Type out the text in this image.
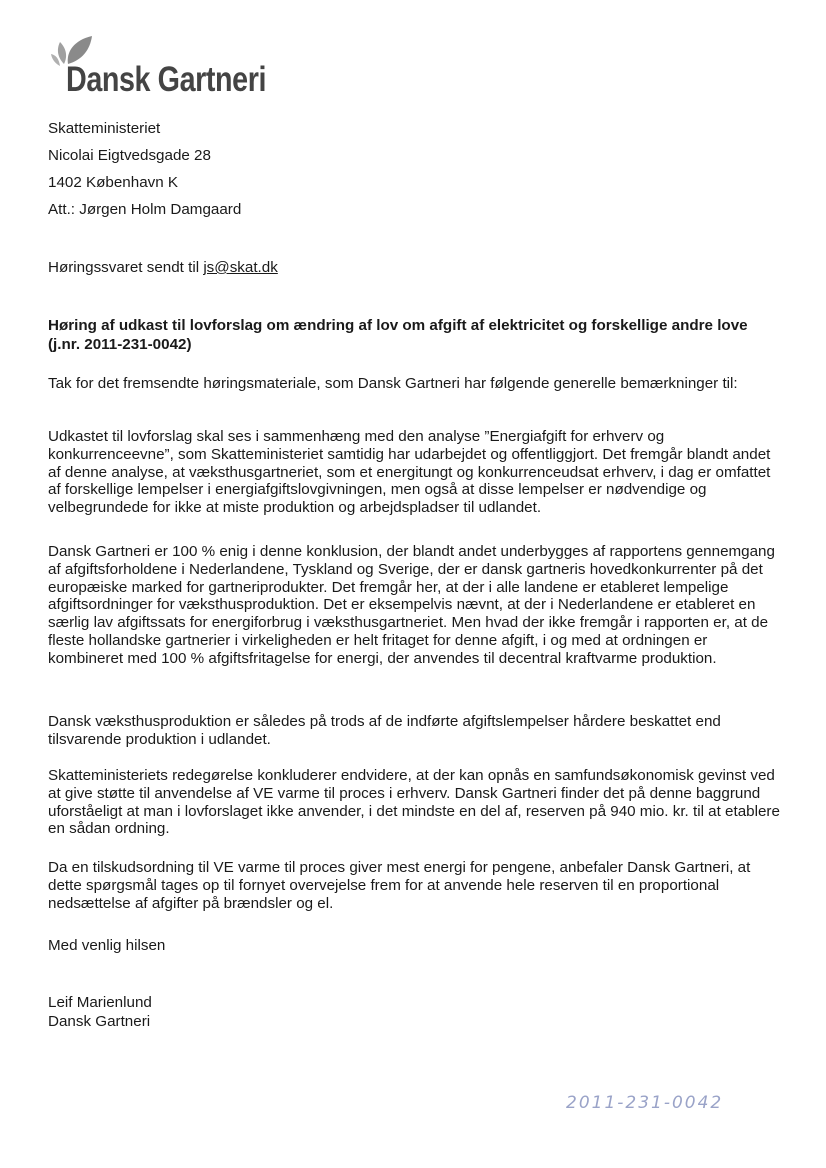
Dansk Gartneri
Skatteministeriet
Nicolai Eigtvedsgade 28
1402 København K
Att.: Jørgen Holm Damgaard
Høringssvaret sendt til js@skat.dk
Høring af udkast til lovforslag om ændring af lov om afgift af elektricitet og forskellige andre love (j.nr. 2011-231-0042)

Tak for det fremsendte høringsmateriale, som Dansk Gartneri har følgende generelle bemærkninger til:

Udkastet til lovforslag skal ses i sammenhæng med den analyse ”Energiafgift for erhverv og konkurrenceevne”, som Skatteministeriet samtidig har udarbejdet og offentliggjort. Det fremgår blandt andet af denne analyse, at væksthusgartneriet, som et energitungt og konkurrenceudsat erhverv, i dag er omfattet af forskellige lempelser i energiafgiftslovgivningen, men også at disse lempelser er nødvendige og velbegrundede for ikke at miste produktion og arbejdspladser til udlandet.

Dansk Gartneri er 100 % enig i denne konklusion, der blandt andet underbygges af rapportens gennemgang af afgiftsforholdene i Nederlandene, Tyskland og Sverige, der er dansk gartneris hovedkonkurrenter på det europæiske marked for gartneriprodukter. Det fremgår her, at der i alle landene er etableret lempelige afgiftsordninger for væksthusproduktion. Det er eksempelvis nævnt, at der i Nederlandene er etableret en særlig lav afgiftssats for energiforbrug i væksthusgartneriet. Men hvad der ikke fremgår i rapporten er, at de fleste hollandske gartnerier i virkeligheden er helt fritaget for denne afgift, i og med at ordningen er kombineret med 100 % afgiftsfritagelse for energi, der anvendes til decentral kraftvarme produktion.

Dansk væksthusproduktion er således på trods af de indførte afgiftslempelser hårdere beskattet end tilsvarende produktion i udlandet.

Skatteministeriets redegørelse konkluderer endvidere, at der kan opnås en samfundsøkonomisk gevinst ved at give støtte til anvendelse af VE varme til proces i erhverv. Dansk Gartneri finder det på denne baggrund uforståeligt at man i lovforslaget ikke anvender, i det mindste en del af, reserven på 940 mio. kr. til at etablere en sådan ordning.

Da en tilskudsordning til VE varme til proces giver mest energi for pengene, anbefaler Dansk Gartneri, at dette spørgsmål tages op til fornyet overvejelse frem for at anvende hele reserven til en proportional nedsættelse af afgifter på brændsler og el.

Med venlig hilsen
Leif Marienlund
Dansk Gartneri
2011-231-0042
